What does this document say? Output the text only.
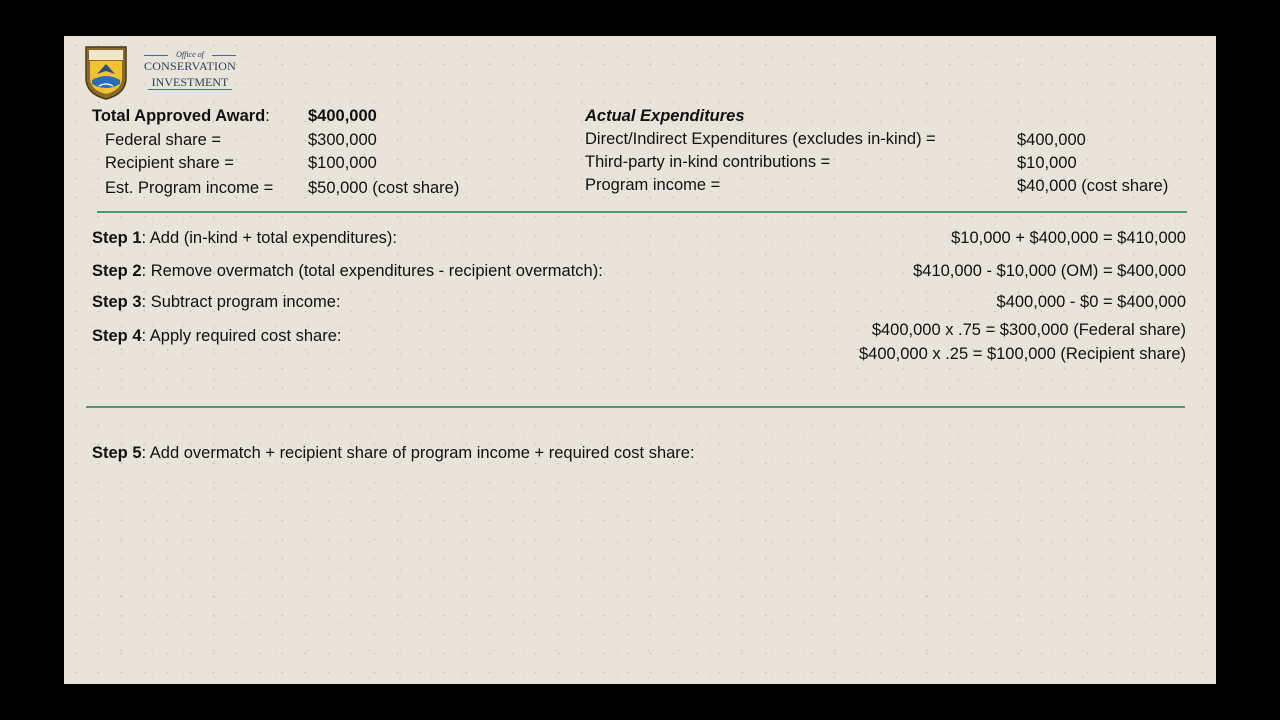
Office of
CONSERVATION
INVESTMENT
Total Approved Award: $400,000
Federal share =	$300,000
Recipient share =	$100,000
Est. Program income = $50,000 (cost share)
Actual Expenditures
Direct/Indirect Expenditures (excludes in-kind) =	$400,000
Third-party in-kind contributions =	$10,000
Program income =	$40,000 (cost share)
Step 1: Add (in-kind + total expenditures):	$10,000 + $400,000 = $410,000
Step 2: Remove overmatch (total expenditures - recipient overmatch):	$410,000 - $10,000 (OM) = $400,000
Step 3: Subtract program income:	$400,000 - $0 = $400,000
Step 4: Apply required cost share:	$400,000 x .75 = $300,000 (Federal share)
$400,000 x .25 = $100,000 (Recipient share)
Step 5: Add overmatch + recipient share of program income + required cost share:
